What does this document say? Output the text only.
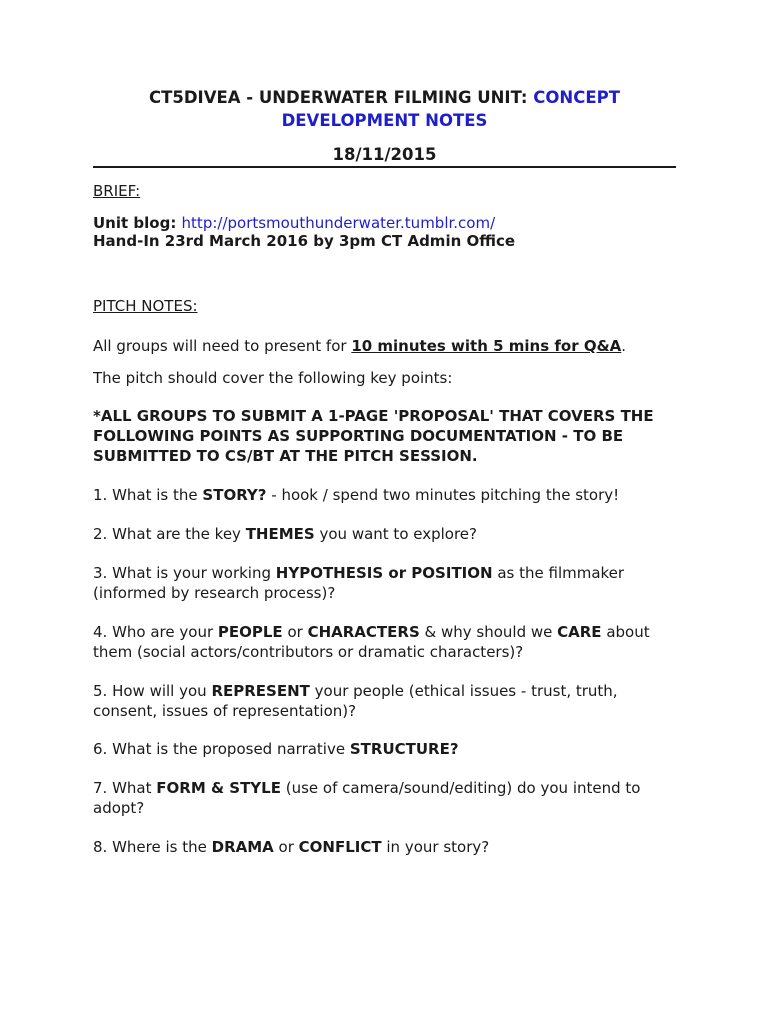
CT5DIVEA - UNDERWATER FILMING UNIT: CONCEPT
DEVELOPMENT NOTES
18/11/2015
BRIEF:
Unit blog: http://portsmouthunderwater.tumblr.com/
Hand-In 23rd March 2016 by 3pm CT Admin Office
PITCH NOTES:
All groups will need to present for 10 minutes with 5 mins for Q&A.
The pitch should cover the following key points:
*ALL GROUPS TO SUBMIT A 1-PAGE 'PROPOSAL' THAT COVERS THE
FOLLOWING POINTS AS SUPPORTING DOCUMENTATION - TO BE
SUBMITTED TO CS/BT AT THE PITCH SESSION.
1. What is the STORY? - hook / spend two minutes pitching the story!
2. What are the key THEMES you want to explore?
3. What is your working HYPOTHESIS or POSITION as the filmmaker
(informed by research process)?
4. Who are your PEOPLE or CHARACTERS & why should we CARE about
them (social actors/contributors or dramatic characters)?
5. How will you REPRESENT your people (ethical issues - trust, truth,
consent, issues of representation)?
6. What is the proposed narrative STRUCTURE?
7. What FORM & STYLE (use of camera/sound/editing) do you intend to
adopt?
8. Where is the DRAMA or CONFLICT in your story?
